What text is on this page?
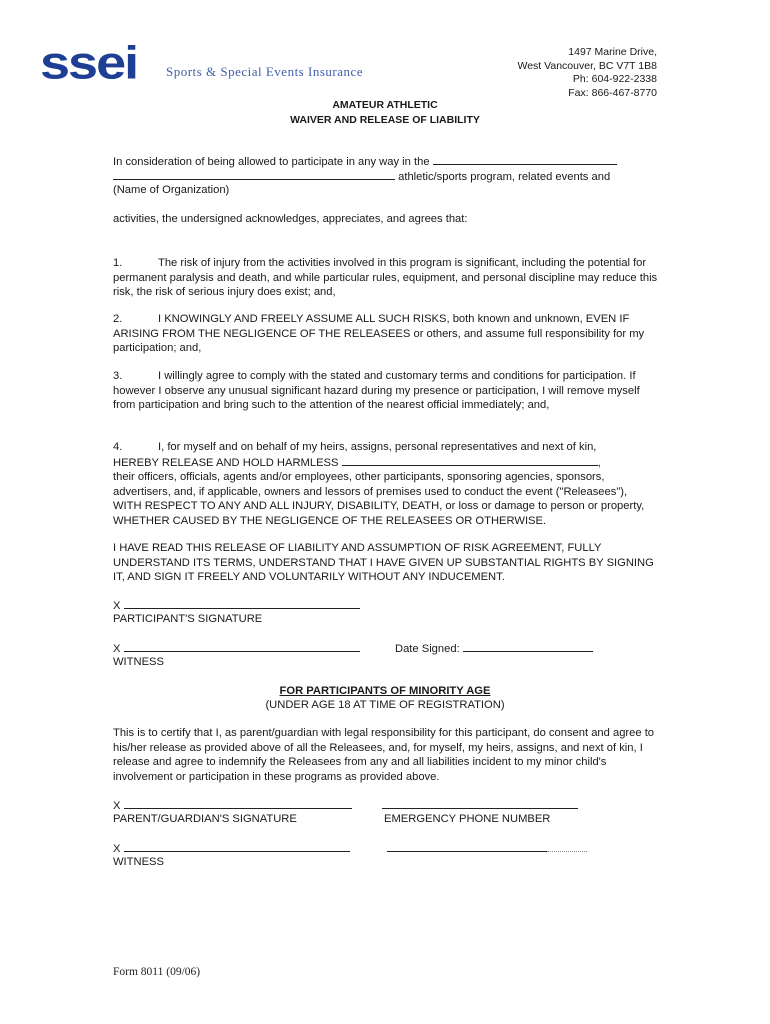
ssei Sports & Special Events Insurance
1497 Marine Drive,
West Vancouver, BC V7T 1B8
Ph: 604-922-2338
Fax: 866-467-8770
AMATEUR ATHLETIC
WAIVER AND RELEASE OF LIABILITY
In consideration of being allowed to participate in any way in the
athletic/sports program, related events and
(Name of Organization)
activities, the undersigned acknowledges, appreciates, and agrees that:
1.	The risk of injury from the activities involved in this program is significant, including the potential for permanent paralysis and death, and while particular rules, equipment, and personal discipline may reduce this risk, the risk of serious injury does exist; and,
2.	I KNOWINGLY AND FREELY ASSUME ALL SUCH RISKS, both known and unknown, EVEN IF ARISING FROM THE NEGLIGENCE OF THE RELEASEES or others, and assume full responsibility for my participation; and,
3.	I willingly agree to comply with the stated and customary terms and conditions for participation. If however I observe any unusual significant hazard during my presence or participation, I will remove myself from participation and bring such to the attention of the nearest official immediately; and,
4.	I, for myself and on behalf of my heirs, assigns, personal representatives and next of kin,
HEREBY RELEASE AND HOLD HARMLESS	,
their officers, officials, agents and/or employees, other participants, sponsoring agencies, sponsors, advertisers, and, if applicable, owners and lessors of premises used to conduct the event ("Releasees"), WITH RESPECT TO ANY AND ALL INJURY, DISABILITY, DEATH, or loss or damage to person or property, WHETHER CAUSED BY THE NEGLIGENCE OF THE RELEASEES OR OTHERWISE.
I HAVE READ THIS RELEASE OF LIABILITY AND ASSUMPTION OF RISK AGREEMENT, FULLY UNDERSTAND ITS TERMS, UNDERSTAND THAT I HAVE GIVEN UP SUBSTANTIAL RIGHTS BY SIGNING IT, AND SIGN IT FREELY AND VOLUNTARILY WITHOUT ANY INDUCEMENT.
X
PARTICIPANT'S SIGNATURE
X	Date Signed:
WITNESS
FOR PARTICIPANTS OF MINORITY AGE
(UNDER AGE 18 AT TIME OF REGISTRATION)
This is to certify that I, as parent/guardian with legal responsibility for this participant, do consent and agree to his/her release as provided above of all the Releasees, and, for myself, my heirs, assigns, and next of kin, I release and agree to indemnify the Releasees from any and all liabilities incident to my minor child's involvement or participation in these programs as provided above.
X
PARENT/GUARDIAN'S SIGNATURE	EMERGENCY PHONE NUMBER
X
WITNESS
Form 8011 (09/06)
